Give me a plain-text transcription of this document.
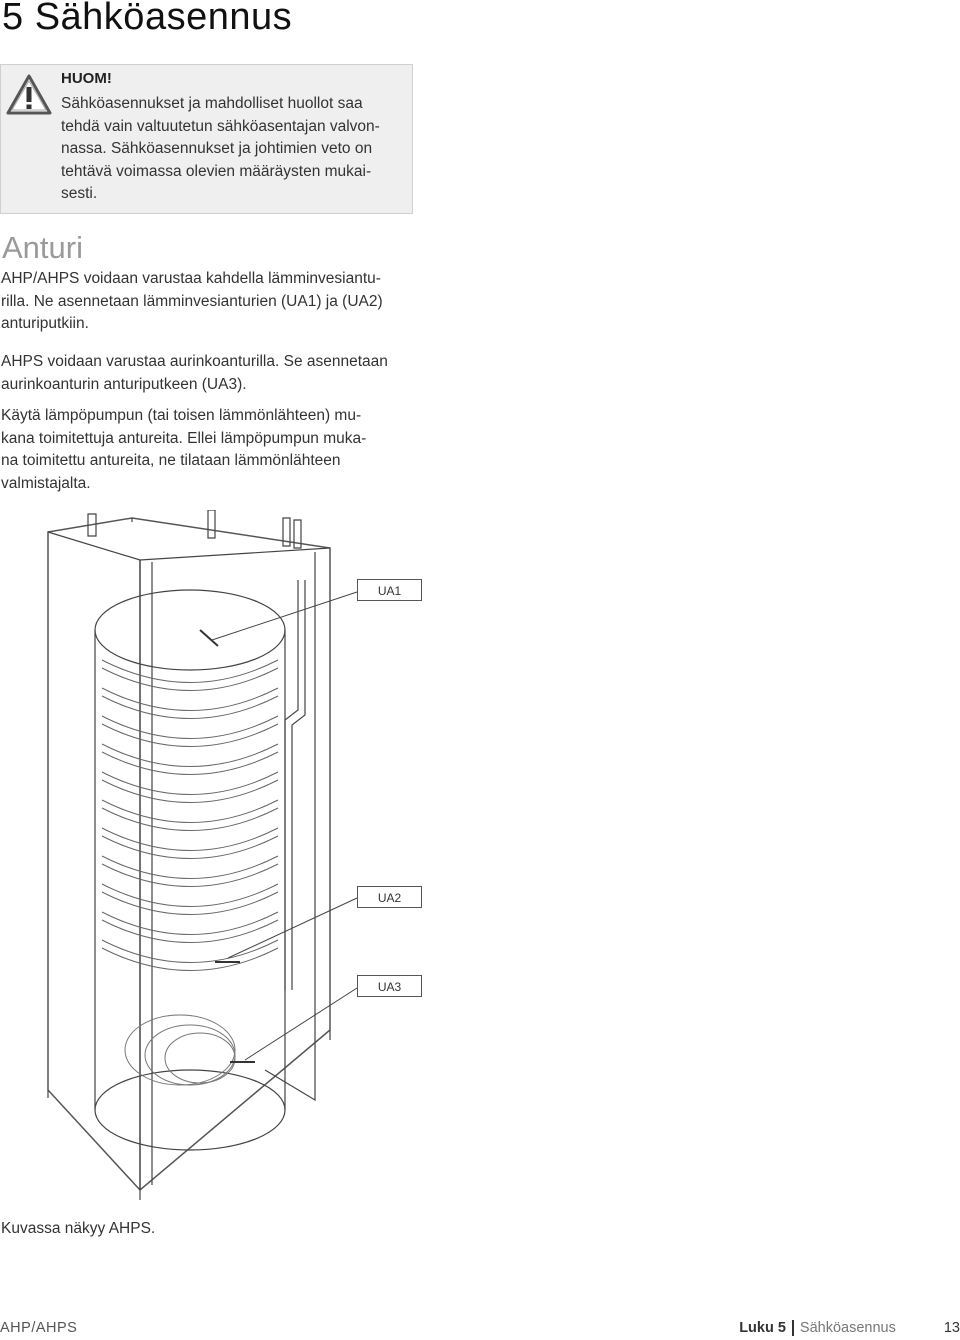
5 Sähköasennus
HUOM!
Sähköasennukset ja mahdolliset huollot saa
tehdä vain valtuutetun sähköasentajan valvon-
nassa. Sähköasennukset ja johtimien veto on
tehtävä voimassa olevien määräysten mukai-
sesti.
Anturi
AHP/AHPS voidaan varustaa kahdella lämminvesiantu-
rilla. Ne asennetaan lämminvesianturien (UA1) ja (UA2)
anturiputkiin.
AHPS voidaan varustaa aurinkoanturilla. Se asennetaan
aurinkoanturin anturiputkeen (UA3).
Käytä lämpöpumpun (tai toisen lämmönlähteen) mu-
kana toimitettuja antureita. Ellei lämpöpumpun muka-
na toimitettu antureita, ne tilataan lämmönlähteen
valmistajalta.
UA1
UA2
UA3
Kuvassa näkyy AHPS.
AHP/AHPS	Luku 5 Sähköasennus	13
